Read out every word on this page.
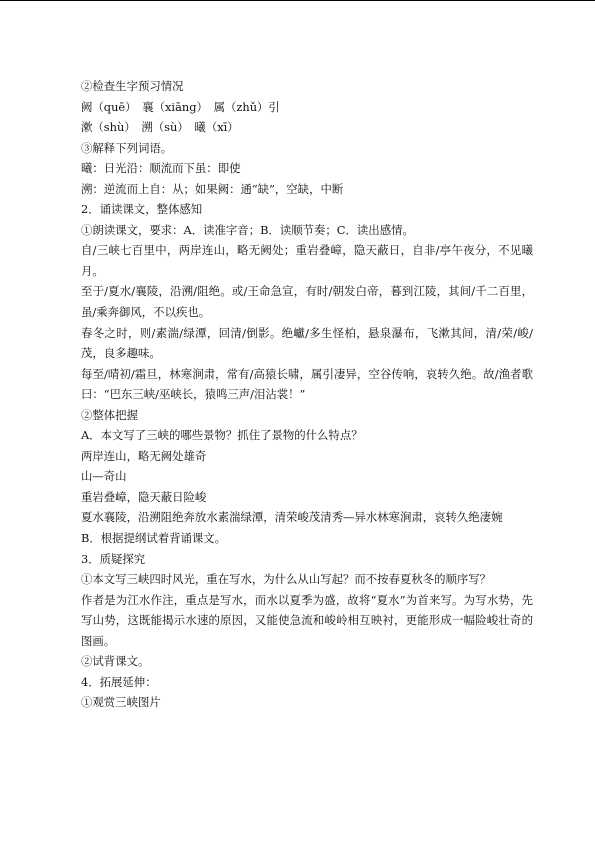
②检查生字预习情况
阙（quē）　襄（xiāng）　属（zhǔ）引
漱（shù）　溯（sù）　曦（xī）
③解释下列词语。
曦：日光沿：顺流而下虽：即使
溯：逆流而上自：从；如果阙：通“缺”，空缺，中断
2．诵读课文，整体感知
①朗读课文，要求：A．读准字音；B．读顺节奏；C．读出感情。
自/三峡七百里中，两岸连山，略无阙处；重岩叠嶂，隐天蔽日，自非/亭午夜分，不见曦月。
至于/夏水/襄陵，沿溯/阻绝。或/王命急宣，有时/朝发白帝，暮到江陵，其间/千二百里，虽/乘奔御风，不以疾也。
春冬之时，则/素湍/绿潭，回清/倒影。绝巘/多生怪柏，悬泉瀑布，飞漱其间，清/荣/峻/茂，良多趣味。
每至/晴初/霜旦，林寒涧肃，常有/高猿长啸，属引凄异，空谷传响，哀转久绝。故/渔者歌曰：“巴东三峡/巫峡长，猿鸣三声/泪沾裳！”
②整体把握
A．本文写了三峡的哪些景物？抓住了景物的什么特点？
两岸连山，略无阙处雄奇
山—奇山
重岩叠嶂，隐天蔽日险峻
夏水襄陵，沿溯阻绝奔放水素湍绿潭，清荣峻茂清秀—异水林寒涧肃，哀转久绝凄婉
B．根据提纲试着背诵课文。
3．质疑探究
①本文写三峡四时风光，重在写水，为什么从山写起？而不按春夏秋冬的顺序写？
作者是为江水作注，重点是写水，而水以夏季为盛，故将“夏水”为首来写。为写水势，先写山势，这既能揭示水速的原因，又能使急流和峻岭相互映衬，更能形成一幅险峻壮奇的图画。
②试背课文。
4．拓展延伸：
①观赏三峡图片
